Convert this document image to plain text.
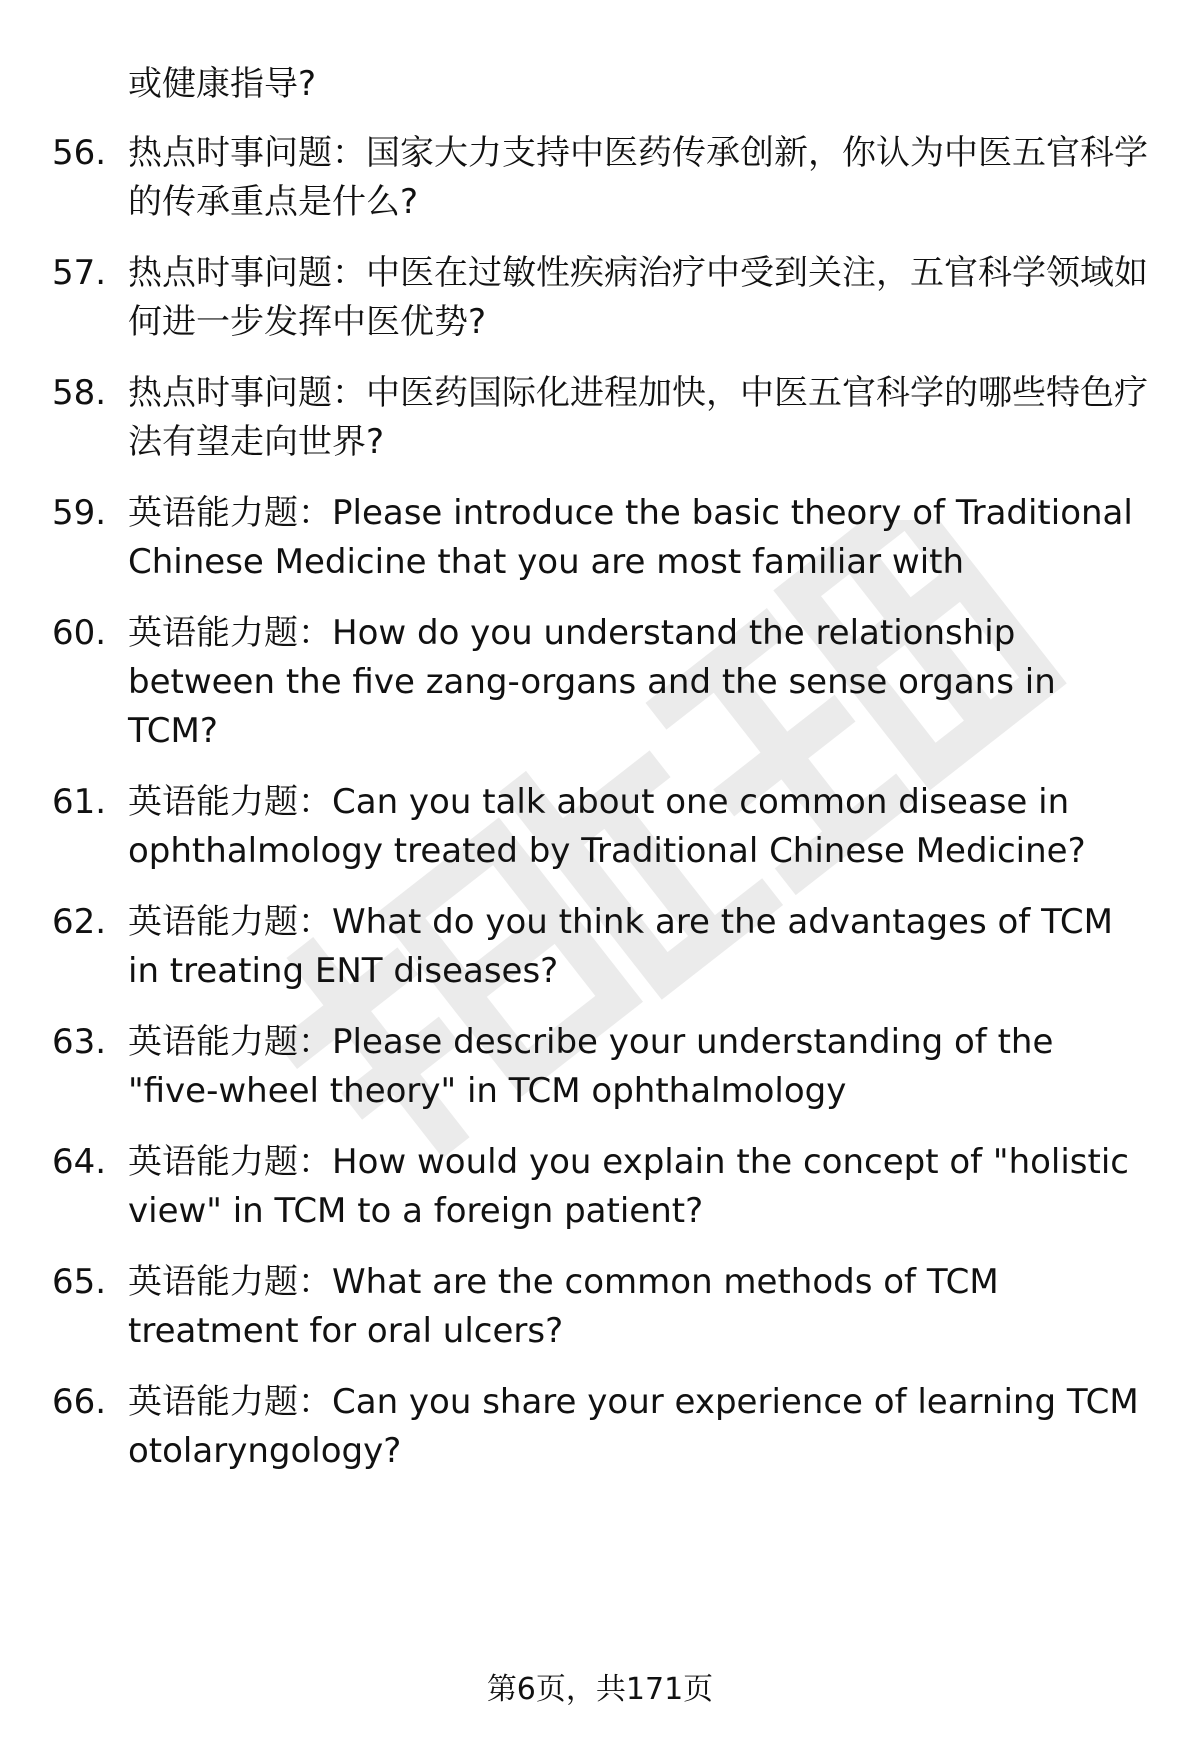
或健康指导?

56. 热点时事问题：国家大力支持中医药传承创新，你认为中医五官科学的传承重点是什么?
57. 热点时事问题：中医在过敏性疾病治疗中受到关注，五官科学领域如何进一步发挥中医优势?
58. 热点时事问题：中医药国际化进程加快，中医五官科学的哪些特色疗法有望走向世界?
59. 英语能力题：Please introduce the basic theory of Traditional Chinese Medicine that you are most familiar with
60. 英语能力题：How do you understand the relationship between the five zang-organs and the sense organs in TCM?
61. 英语能力题：Can you talk about one common disease in ophthalmology treated by Traditional Chinese Medicine?
62. 英语能力题：What do you think are the advantages of TCM in treating ENT diseases?
63. 英语能力题：Please describe your understanding of the "five-wheel theory" in TCM ophthalmology
64. 英语能力题：How would you explain the concept of "holistic view" in TCM to a foreign patient?
65. 英语能力题：What are the common methods of TCM treatment for oral ulcers?
66. 英语能力题：Can you share your experience of learning TCM otolaryngology?
第6页，共171页
